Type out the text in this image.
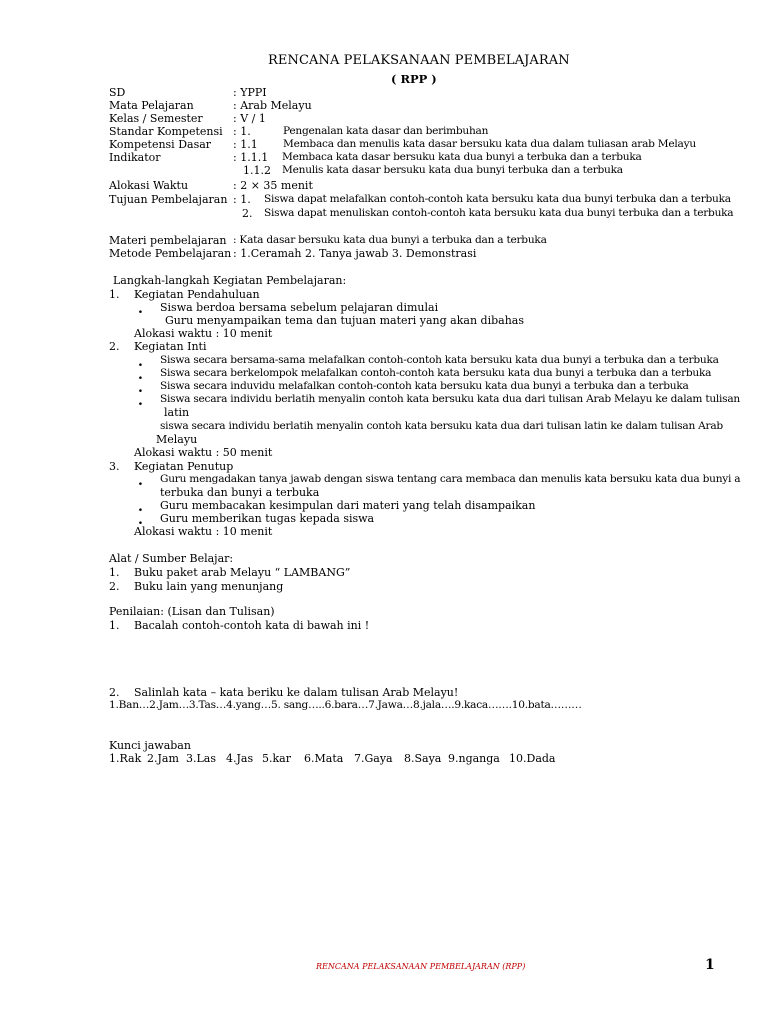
RENCANA PELAKSANAAN PEMBELAJARAN
( RPP )
SD	: YPPI
Mata Pelajaran	: Arab Melayu
Kelas / Semester	: V / 1
Standar Kompetensi : 1.	Pengenalan kata dasar dan berimbuhan
Kompetensi Dasar : 1.1 Membaca dan menulis kata dasar bersuku kata dua dalam tuliasan arab Melayu
Indikator	: 1.1.1 Membaca kata dasar bersuku kata dua bunyi a terbuka dan a terbuka
1.1.2 Menulis kata dasar bersuku kata dua bunyi terbuka dan a terbuka
Alokasi Waktu	: 2 × 35 menit
Tujuan Pembelajaran : 1. Siswa dapat melafalkan contoh-contoh kata bersuku kata dua bunyi terbuka dan a terbuka
2. Siswa dapat menuliskan contoh-contoh kata bersuku kata dua bunyi terbuka dan a terbuka
Materi pembelajaran : Kata dasar bersuku kata dua bunyi a terbuka dan a terbuka
Metode Pembelajaran : 1.Ceramah 2. Tanya jawab 3. Demonstrasi
Langkah-langkah Kegiatan Pembelajaran:
1. Kegiatan Pendahuluan
. Siswa berdoa bersama sebelum pelajaran dimulai
Guru menyampaikan tema dan tujuan materi yang akan dibahas
Alokasi waktu : 10 menit
2. Kegiatan Inti
. Siswa secara bersama-sama melafalkan contoh-contoh kata bersuku kata dua bunyi a terbuka dan a terbuka
. Siswa secara berkelompok melafalkan contoh-contoh kata bersuku kata dua bunyi a terbuka dan a terbuka
. Siswa secara induvidu melafalkan contoh-contoh kata bersuku kata dua bunyi a terbuka dan a terbuka
. Siswa secara individu berlatih menyalin contoh kata bersuku kata dua dari tulisan Arab Melayu ke dalam tulisan
latin
siswa secara individu berlatih menyalin contoh kata bersuku kata dua dari tulisan latin ke dalam tulisan Arab
Melayu
Alokasi waktu : 50 menit
3. Kegiatan Penutup
. Guru mengadakan tanya jawab dengan siswa tentang cara membaca dan menulis kata bersuku kata dua bunyi a
terbuka dan bunyi a terbuka
. Guru membacakan kesimpulan dari materi yang telah disampaikan
. Guru memberikan tugas kepada siswa
Alokasi waktu : 10 menit
Alat / Sumber Belajar:
1. Buku paket arab Melayu “ LAMBANG”
2. Buku lain yang menunjang
Penilaian: (Lisan dan Tulisan)
1. Bacalah contoh-contoh kata di bawah ini !
2. Salinlah kata – kata beriku ke dalam tulisan Arab Melayu!
1.Ban…2.Jam…3.Tas…4.yang…5. sang…..6.bara…7.Jawa…8.jala….9.kaca…….10.bata………
Kunci jawaban
1.Rak 2.Jam 3.Las 4.Jas 5.kar 6.Mata 7.Gaya 8.Saya 9.nganga 10.Dada
RENCANA PELAKSANAAN PEMBELAJARAN (RPP)	1
